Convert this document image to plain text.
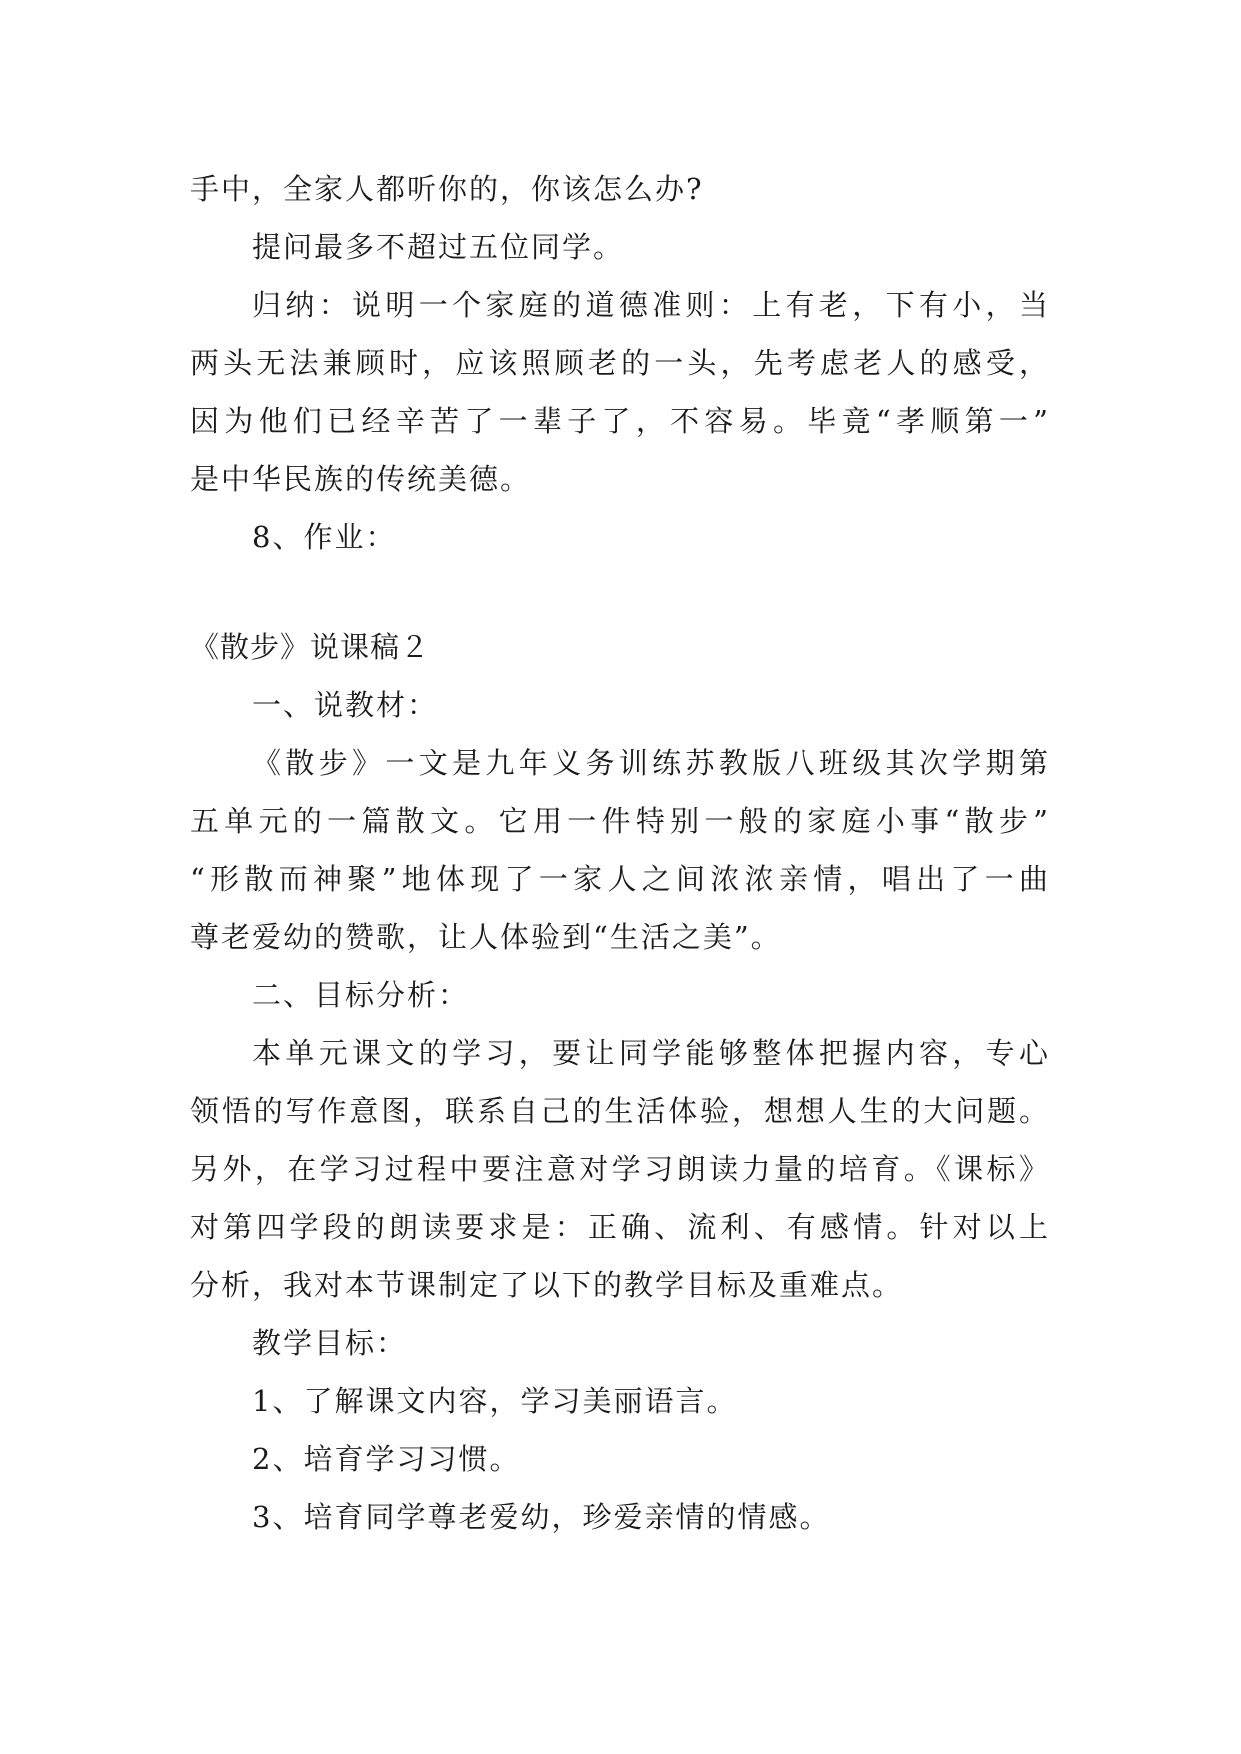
手中，全家人都听你的，你该怎么办?
提问最多不超过五位同学。
归纳：说明一个家庭的道德准则：上有老，下有小，当
两头无法兼顾时，应该照顾老的一头，先考虑老人的感受，
因为他们已经辛苦了一辈子了，不容易。毕竟“孝顺第一”
是中华民族的传统美德。
8、作业：
《散步》说课稿２
一、说教材：
《散步》一文是九年义务训练苏教版八班级其次学期第
五单元的一篇散文。它用一件特别一般的家庭小事“散步”
“形散而神聚”地体现了一家人之间浓浓亲情，唱出了一曲
尊老爱幼的赞歌，让人体验到“生活之美”。
二、目标分析：
本单元课文的学习，要让同学能够整体把握内容，专心
领悟的写作意图，联系自己的生活体验，想想人生的大问题。
另外，在学习过程中要注意对学习朗读力量的培育。《课标》
对第四学段的朗读要求是：正确、流利、有感情。针对以上
分析，我对本节课制定了以下的教学目标及重难点。
教学目标：
1、了解课文内容，学习美丽语言。
2、培育学习习惯。
3、培育同学尊老爱幼，珍爱亲情的情感。
